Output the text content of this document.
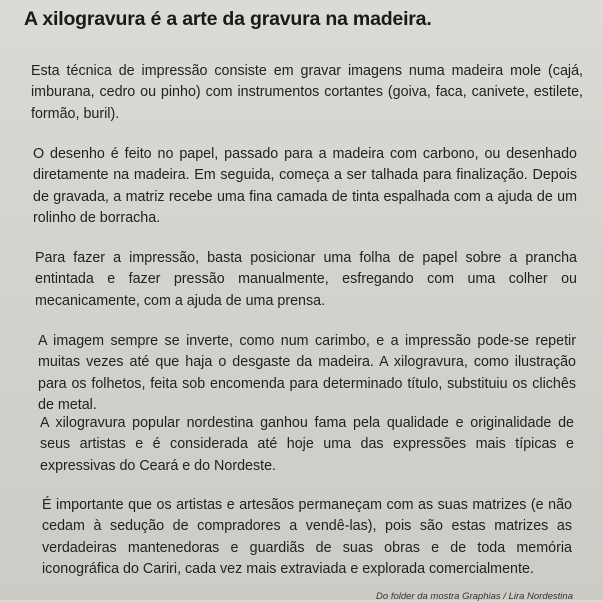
A xilogravura é a arte da gravura na madeira.

Esta técnica de impressão consiste em gravar imagens numa madeira mole (cajá, imburana, cedro ou pinho) com instrumentos cortantes (goiva, faca, canivete, estilete, formão, buril).

O desenho é feito no papel, passado para a madeira com carbono, ou desenhado diretamente na madeira. Em seguida, começa a ser talhada para finalização. Depois de gravada, a matriz recebe uma fina camada de tinta espalhada com a ajuda de um rolinho de borracha.

Para fazer a impressão, basta posicionar uma folha de papel sobre a prancha entintada e fazer pressão manualmente, esfregando com uma colher ou mecanicamente, com a ajuda de uma prensa.

A imagem sempre se inverte, como num carimbo, e a impressão pode-se repetir muitas vezes até que haja o desgaste da madeira. A xilogravura, como ilustração para os folhetos, feita sob encomenda para determinado título, substituiu os clichês de metal.

A xilogravura popular nordestina ganhou fama pela qualidade e originalidade de seus artistas e é considerada até hoje uma das expressões mais típicas e expressivas do Ceará e do Nordeste.

É importante que os artistas e artesãos permaneçam com as suas matrizes (e não cedam à sedução de compradores a vendê-las), pois são estas matrizes as verdadeiras mantenedoras e guardiãs de suas obras e de toda memória iconográfica do Cariri, cada vez mais extraviada e explorada comercialmente.

Do folder da mostra Graphias / Lira Nordestina
